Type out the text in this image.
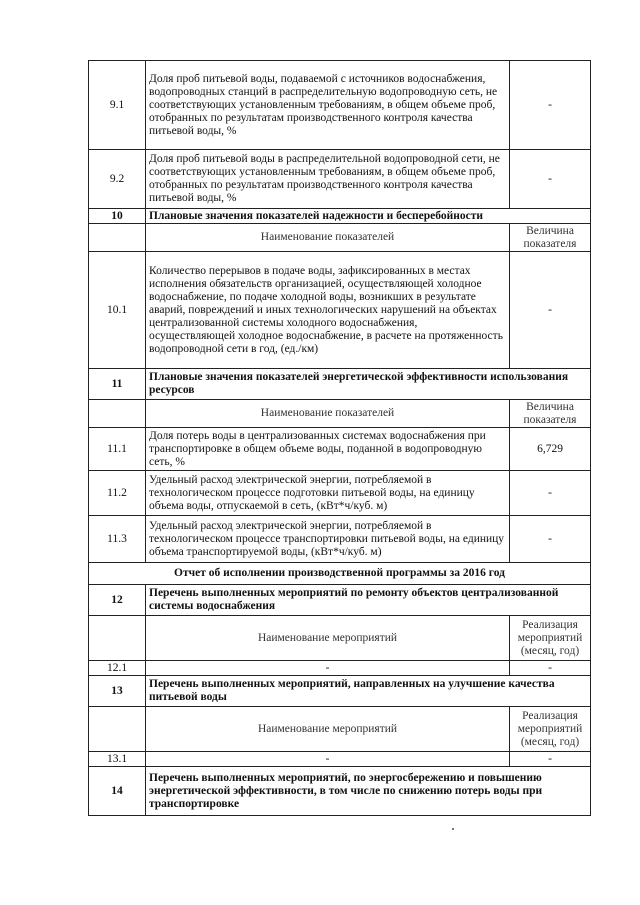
9.1	Доля проб питьевой воды, подаваемой с источников водоснабжения, водопроводных станций в распределительную водопроводную сеть, не соответствующих установленным требованиям, в общем объеме проб, отобранных по результатам производственного контроля качества питьевой воды, %	-
9.2	Доля проб питьевой воды в распределительной водопроводной сети, не соответствующих установленным требованиям, в общем объеме проб, отобранных по результатам производственного контроля качества питьевой воды, %	-
10	Плановые значения показателей надежности и бесперебойности	
	Наименование показателей	Величина показателя
10.1	Количество перерывов в подаче воды, зафиксированных в местах исполнения обязательств организацией, осуществляющей холодное водоснабжение, по подаче холодной воды, возникших в результате аварий, повреждений и иных технологических нарушений на объектах централизованной системы холодного водоснабжения, осуществляющей холодное водоснабжение, в расчете на протяженность водопроводной сети в год, (ед./км)	-
11	Плановые значения показателей энергетической эффективности использования ресурсов	
	Наименование показателей	Величина показателя
11.1	Доля потерь воды в централизованных системах водоснабжения при транспортировке в общем объеме воды, поданной в водопроводную сеть, %	6,729
11.2	Удельный расход электрической энергии, потребляемой в технологическом процессе подготовки питьевой воды, на единицу объема воды, отпускаемой в сеть, (кВт*ч/куб. м)	-
11.3	Удельный расход электрической энергии, потребляемой в технологическом процессе транспортировки питьевой воды, на единицу объема транспортируемой воды, (кВт*ч/куб. м)	-
Отчет об исполнении производственной программы за 2016 год		
12	Перечень выполненных мероприятий по ремонту объектов централизованной системы водоснабжения	
	Наименование мероприятий	Реализация мероприятий (месяц, год)
12.1	-	-
13	Перечень выполненных мероприятий, направленных на улучшение качества питьевой воды	
	Наименование мероприятий	Реализация мероприятий (месяц, год)
13.1	-	-
14	Перечень выполненных мероприятий, по энергосбережению и повышению энергетической эффективности, в том числе по снижению потерь воды при транспортировке	
